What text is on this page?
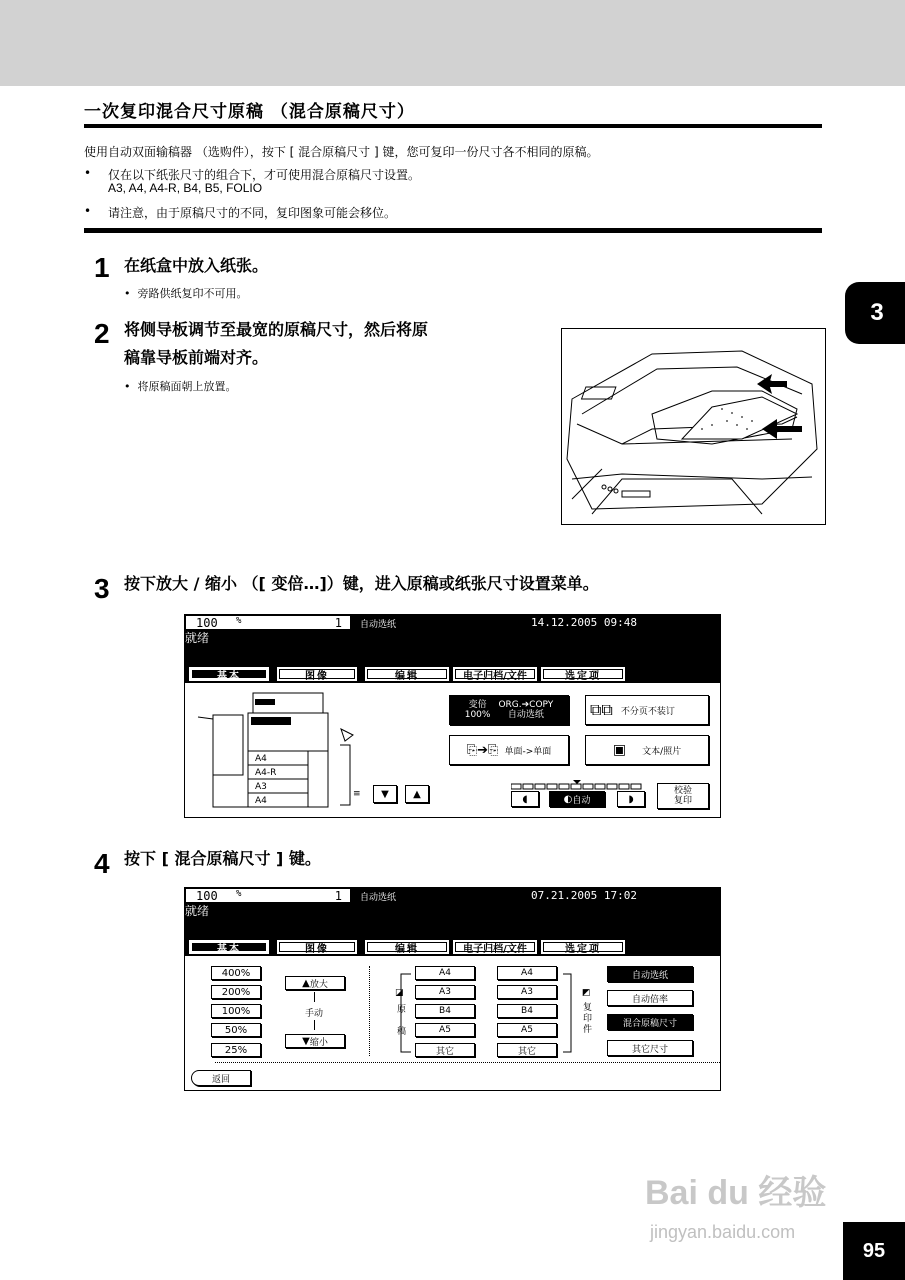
一次复印混合尺寸原稿 （混合原稿尺寸）
使用自动双面输稿器 （选购件），按下 [ 混合原稿尺寸 ] 键，您可复印一份尺寸各不相同的原稿。
• 仅在以下纸张尺寸的组合下，才可使用混合原稿尺寸设置。
A3, A4, A4-R, B4, B5, FOLIO
• 请注意，由于原稿尺寸的不同，复印图象可能会移位。
1 在纸盒中放入纸张。
•  旁路供纸复印不可用。
2 将侧导板调节至最宽的原稿尺寸，然后将原
稿靠导板前端对齐。
•  将原稿面朝上放置。
3 按下放大 / 缩小 （[ 变倍…]）键，进入原稿或纸张尺寸设置菜单。
100 %	1 自动选纸	14.12.2005 09:48
就绪
基本	图像	编辑	电子归档/文件	选定项
A4
A4-R
A3
A4
≡	▼	▲
变倍
100%
ORG.➔COPY
自动选纸	⧉⧉ 不分页不装订
⎘➔⎘ 单面->单面	▣ 文本/照片
◖	◐ 自动	◗
校验
复印
4 按下 [ 混合原稿尺寸 ] 键。
100 %	1 自动选纸	07.21.2005 17:02
就绪
基本	图像	编辑	电子归档/文件	选定项
400%
200%
100%
50%
25%
▲ 放大
手动
▼ 缩小
◪
原
稿
A4
A3
B4
A5
其它
A4
A3
B4
A5
其它
◩
复
印
件
自动选纸
自动倍率
混合原稿尺寸
其它尺寸
返回
3
95
Bai du 经验
jingyan.baidu.com
